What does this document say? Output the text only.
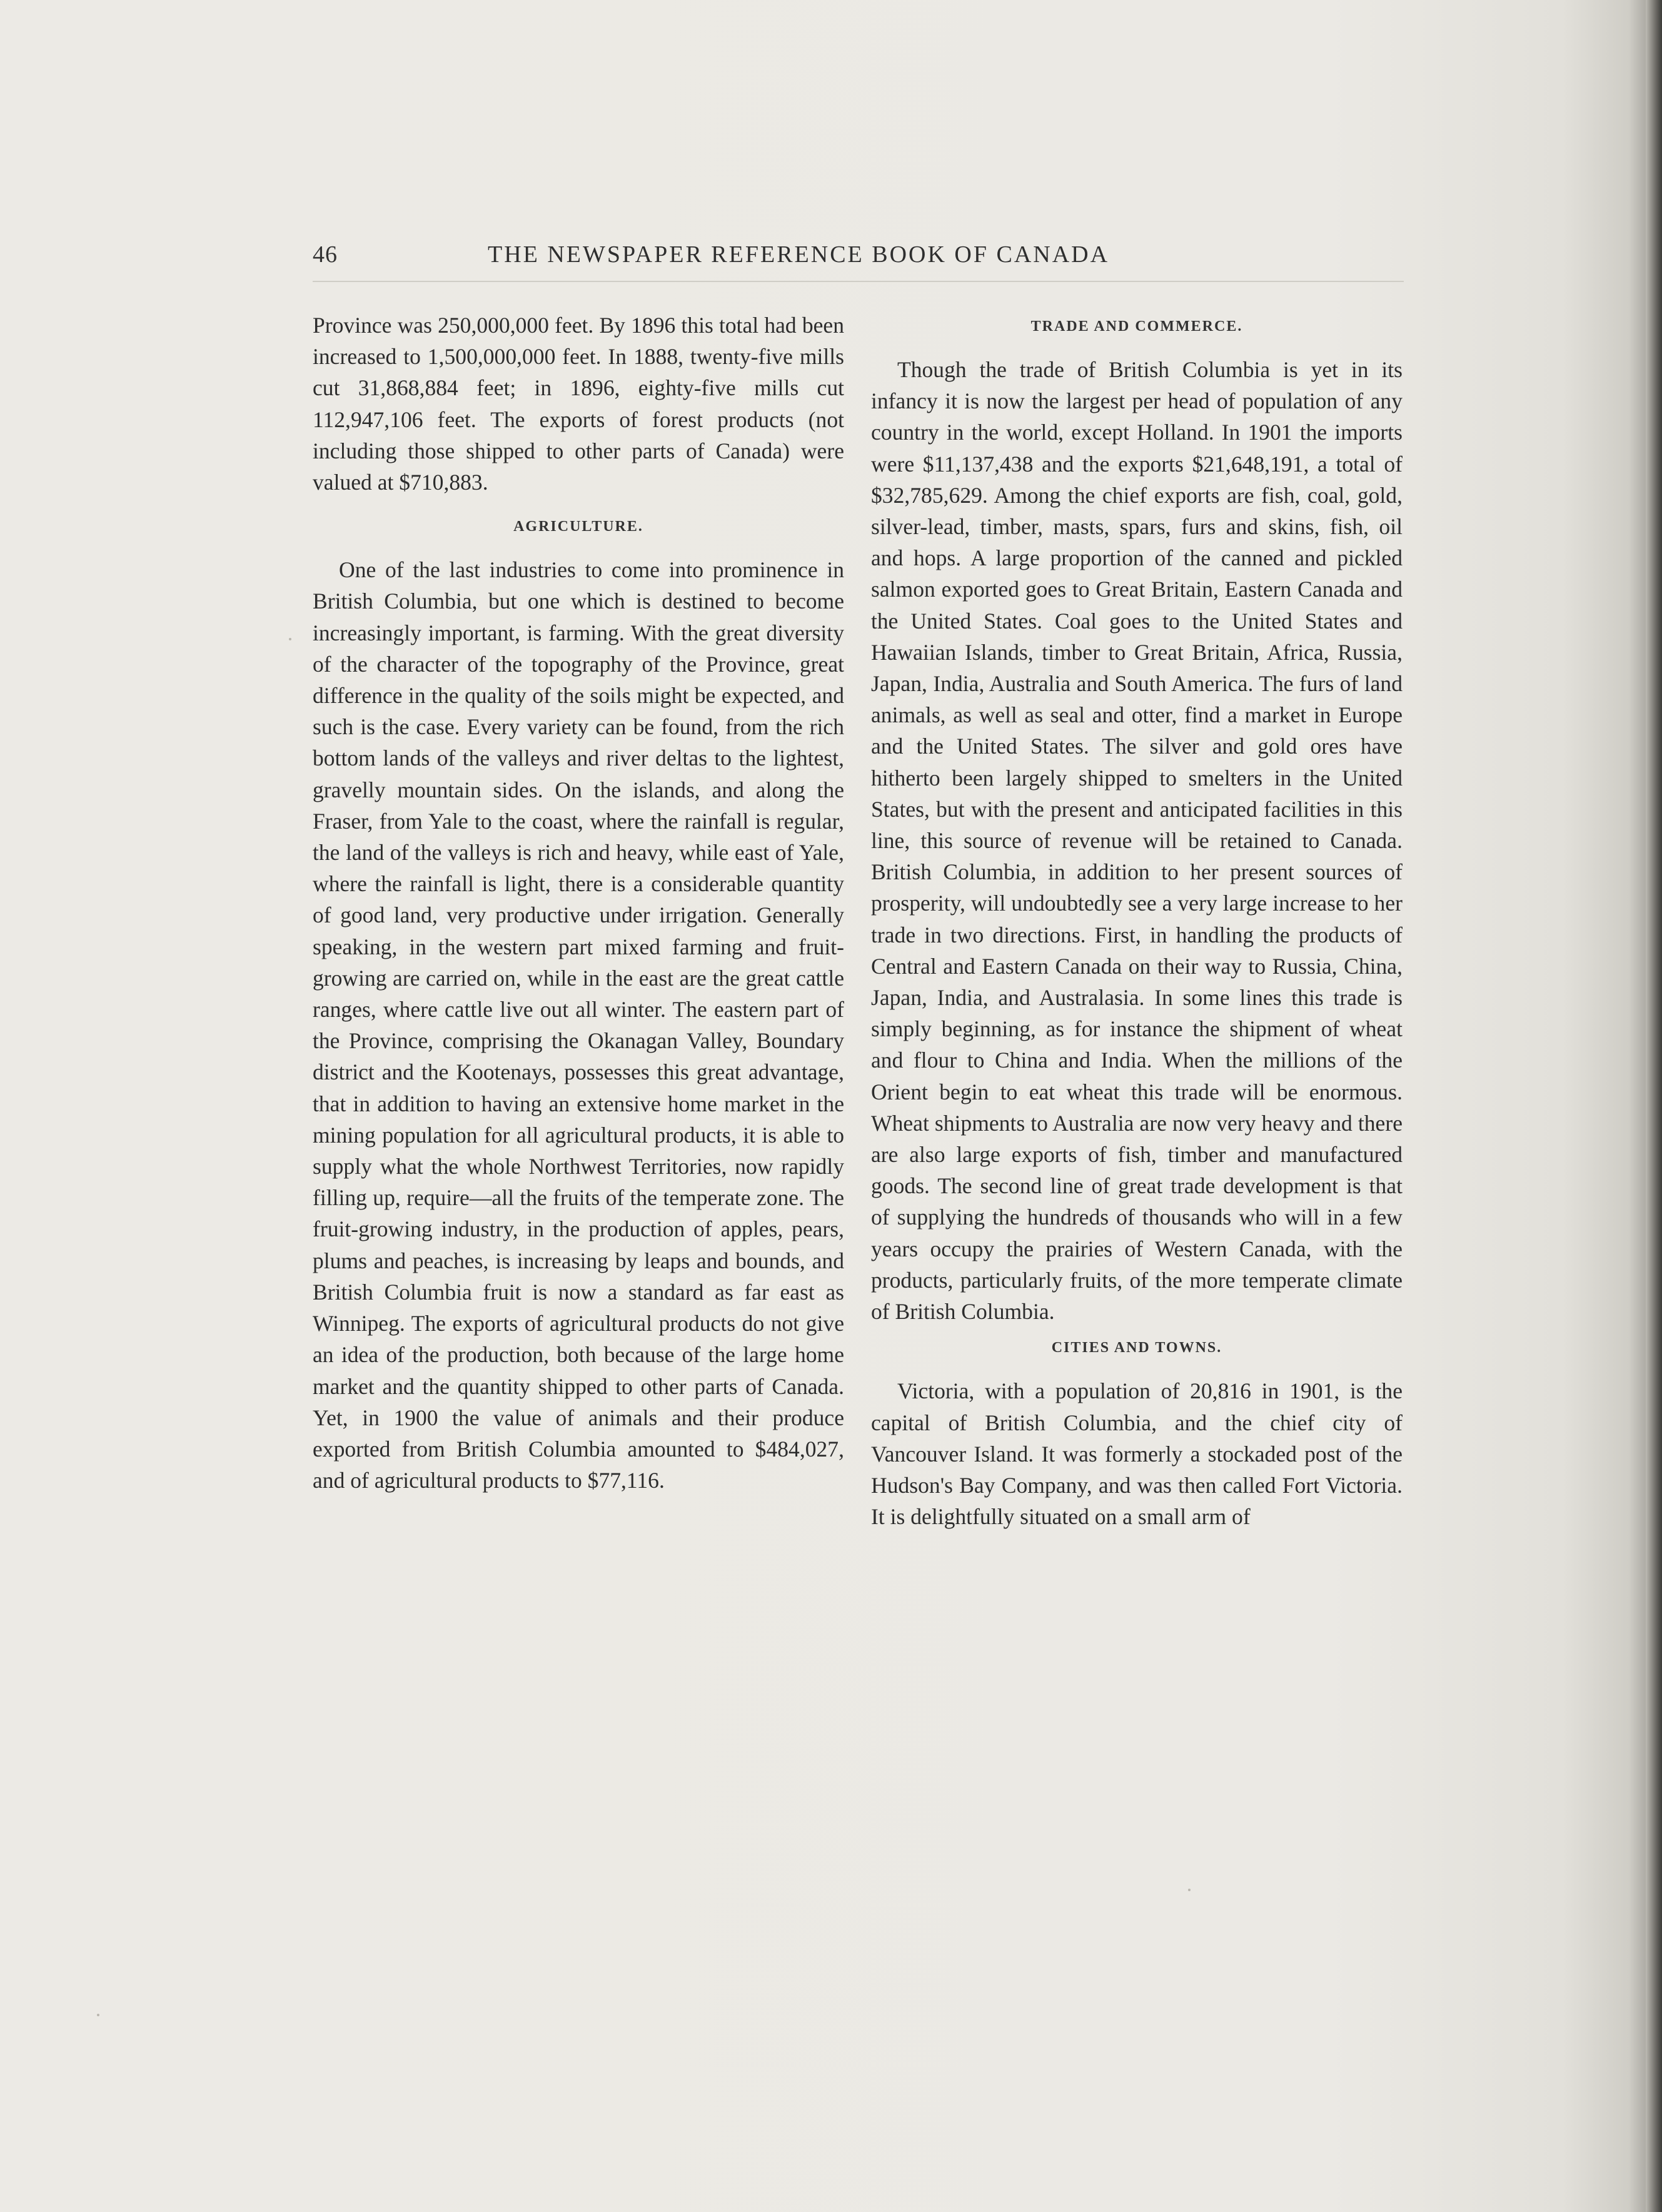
46	THE NEWSPAPER REFERENCE BOOK OF CANADA

Province was 250,000,000 feet. By 1896 this total had been increased to 1,500,000,000 feet. In 1888, twenty-five mills cut 31,868,884 feet; in 1896, eighty-five mills cut 112,947,106 feet. The exports of forest products (not including those shipped to other parts of Canada) were valued at $710,883.

AGRICULTURE.

One of the last industries to come into prominence in British Columbia, but one which is destined to become increasingly important, is farming. With the great diversity of the character of the topography of the Province, great difference in the quality of the soils might be expected, and such is the case. Every variety can be found, from the rich bottom lands of the valleys and river deltas to the lightest, gravelly mountain sides. On the islands, and along the Fraser, from Yale to the coast, where the rainfall is regular, the land of the valleys is rich and heavy, while east of Yale, where the rainfall is light, there is a considerable quantity of good land, very productive under irrigation. Generally speaking, in the western part mixed farming and fruit-growing are carried on, while in the east are the great cattle ranges, where cattle live out all winter. The eastern part of the Province, comprising the Okanagan Valley, Boundary district and the Kootenays, possesses this great advantage, that in addition to having an extensive home market in the mining population for all agricultural products, it is able to supply what the whole Northwest Territories, now rapidly filling up, require—all the fruits of the temperate zone. The fruit-growing industry, in the production of apples, pears, plums and peaches, is increasing by leaps and bounds, and British Columbia fruit is now a standard as far east as Winnipeg. The exports of agricultural products do not give an idea of the production, both because of the large home market and the quantity shipped to other parts of Canada. Yet, in 1900 the value of animals and their produce exported from British Columbia amounted to $484,027, and of agricultural products to $77,116.

TRADE AND COMMERCE.

Though the trade of British Columbia is yet in its infancy it is now the largest per head of population of any country in the world, except Holland. In 1901 the imports were $11,137,438 and the exports $21,648,191, a total of $32,785,629. Among the chief exports are fish, coal, gold, silver-lead, timber, masts, spars, furs and skins, fish, oil and hops. A large proportion of the canned and pickled salmon exported goes to Great Britain, Eastern Canada and the United States. Coal goes to the United States and Hawaiian Islands, timber to Great Britain, Africa, Russia, Japan, India, Australia and South America. The furs of land animals, as well as seal and otter, find a market in Europe and the United States. The silver and gold ores have hitherto been largely shipped to smelters in the United States, but with the present and anticipated facilities in this line, this source of revenue will be retained to Canada. British Columbia, in addition to her present sources of prosperity, will undoubtedly see a very large increase to her trade in two directions. First, in handling the products of Central and Eastern Canada on their way to Russia, China, Japan, India, and Australasia. In some lines this trade is simply beginning, as for instance the shipment of wheat and flour to China and India. When the millions of the Orient begin to eat wheat this trade will be enormous. Wheat shipments to Australia are now very heavy and there are also large exports of fish, timber and manufactured goods. The second line of great trade development is that of supplying the hundreds of thousands who will in a few years occupy the prairies of Western Canada, with the products, particularly fruits, of the more temperate climate of British Columbia.

CITIES AND TOWNS.

Victoria, with a population of 20,816 in 1901, is the capital of British Columbia, and the chief city of Vancouver Island. It was formerly a stockaded post of the Hudson's Bay Company, and was then called Fort Victoria. It is delightfully situated on a small arm of
